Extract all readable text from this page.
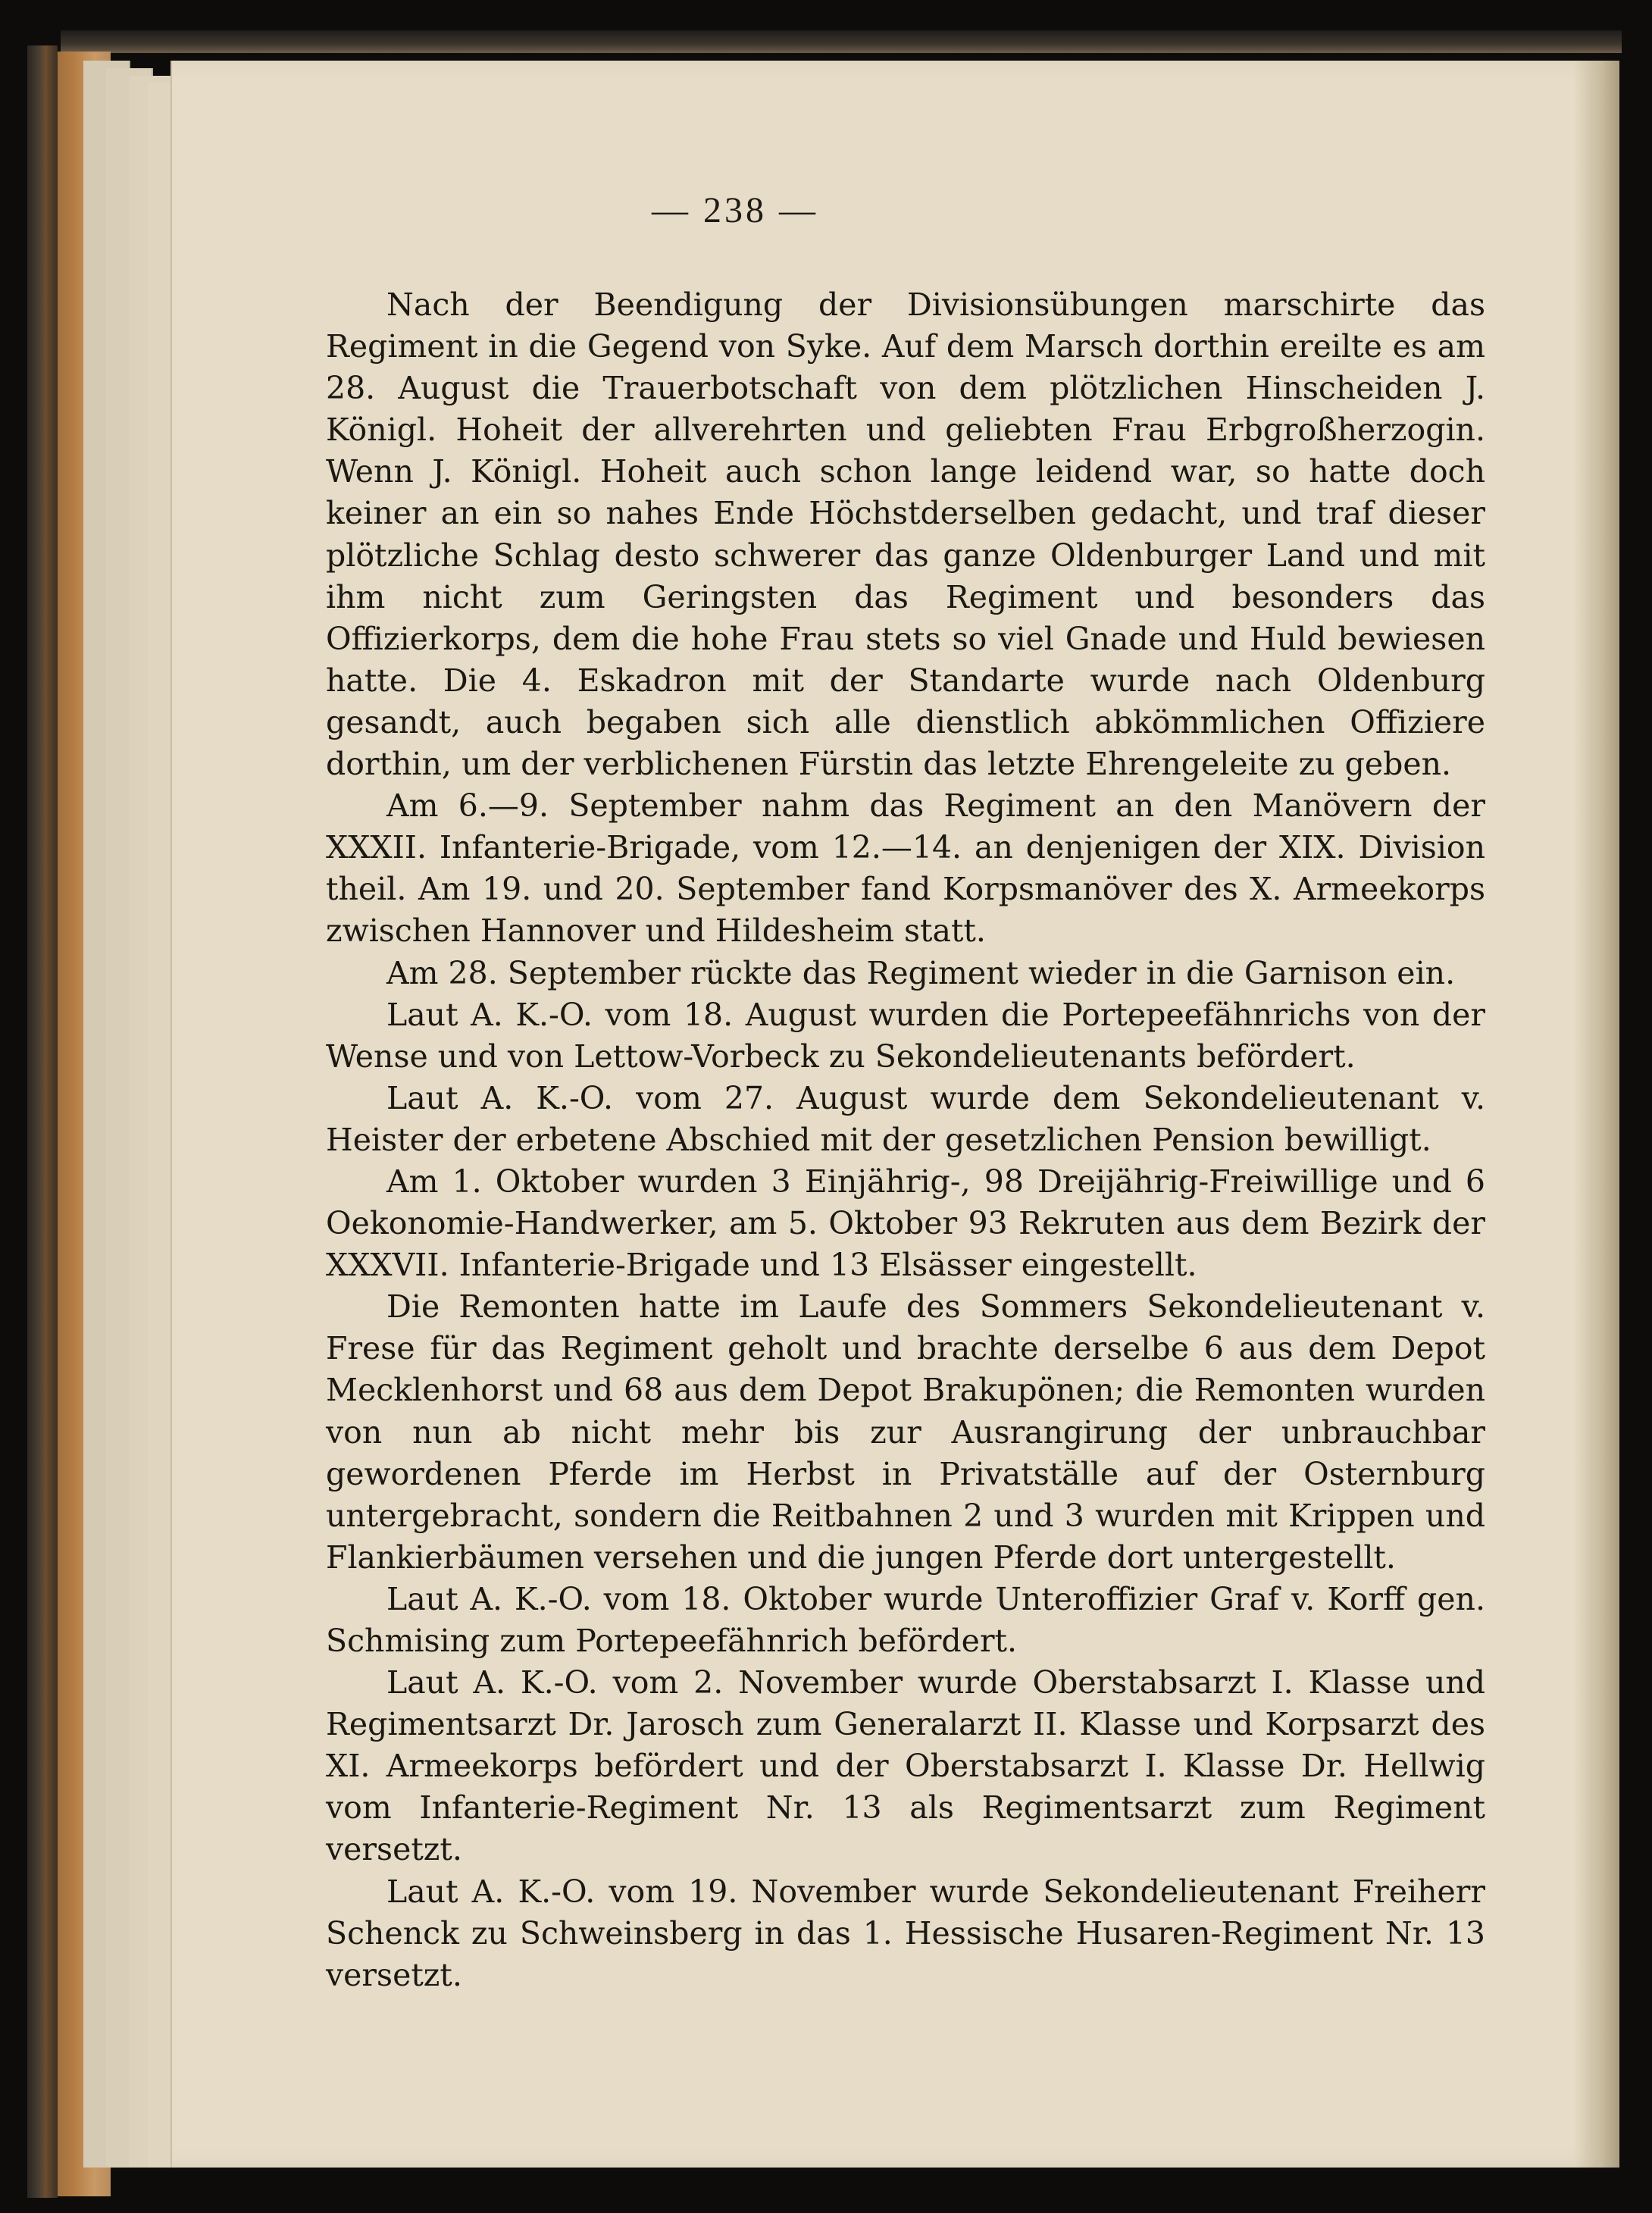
— 238 —

Nach der Beendigung der Divisionsübungen marschirte das Regiment in die Gegend von Syke. Auf dem Marsch dorthin ereilte es am 28. August die Trauerbotschaft von dem plötzlichen Hinscheiden J. Königl. Hoheit der allverehrten und geliebten Frau Erbgroßherzogin. Wenn J. Königl. Hoheit auch schon lange leidend war, so hatte doch keiner an ein so nahes Ende Höchstderselben gedacht, und traf dieser plötzliche Schlag desto schwerer das ganze Oldenburger Land und mit ihm nicht zum Geringsten das Regiment und besonders das Offizierkorps, dem die hohe Frau stets so viel Gnade und Huld bewiesen hatte. Die 4. Eskadron mit der Standarte wurde nach Oldenburg gesandt, auch begaben sich alle dienstlich abkömmlichen Offiziere dorthin, um der verblichenen Fürstin das letzte Ehrengeleite zu geben.

Am 6.—9. September nahm das Regiment an den Manövern der XXXII. Infanterie-Brigade, vom 12.—14. an denjenigen der XIX. Division theil. Am 19. und 20. September fand Korpsmanöver des X. Armeekorps zwischen Hannover und Hildesheim statt.

Am 28. September rückte das Regiment wieder in die Garnison ein.

Laut A. K.-O. vom 18. August wurden die Portepeefähnrichs von der Wense und von Lettow-Vorbeck zu Sekondelieutenants befördert.

Laut A. K.-O. vom 27. August wurde dem Sekondelieutenant v. Heister der erbetene Abschied mit der gesetzlichen Pension bewilligt.

Am 1. Oktober wurden 3 Einjährig-, 98 Dreijährig-Freiwillige und 6 Oekonomie-Handwerker, am 5. Oktober 93 Rekruten aus dem Bezirk der XXXVII. Infanterie-Brigade und 13 Elsässer eingestellt.

Die Remonten hatte im Laufe des Sommers Sekondelieutenant v. Frese für das Regiment geholt und brachte derselbe 6 aus dem Depot Mecklenhorst und 68 aus dem Depot Brakupönen; die Remonten wurden von nun ab nicht mehr bis zur Ausrangirung der unbrauchbar gewordenen Pferde im Herbst in Privatställe auf der Osternburg untergebracht, sondern die Reitbahnen 2 und 3 wurden mit Krippen und Flankierbäumen versehen und die jungen Pferde dort untergestellt.

Laut A. K.-O. vom 18. Oktober wurde Unteroffizier Graf v. Korff gen. Schmising zum Portepeefähnrich befördert.

Laut A. K.-O. vom 2. November wurde Oberstabsarzt I. Klasse und Regimentsarzt Dr. Jarosch zum Generalarzt II. Klasse und Korpsarzt des XI. Armeekorps befördert und der Oberstabsarzt I. Klasse Dr. Hellwig vom Infanterie-Regiment Nr. 13 als Regimentsarzt zum Regiment versetzt.

Laut A. K.-O. vom 19. November wurde Sekondelieutenant Freiherr Schenck zu Schweinsberg in das 1. Hessische Husaren-Regiment Nr. 13 versetzt.
